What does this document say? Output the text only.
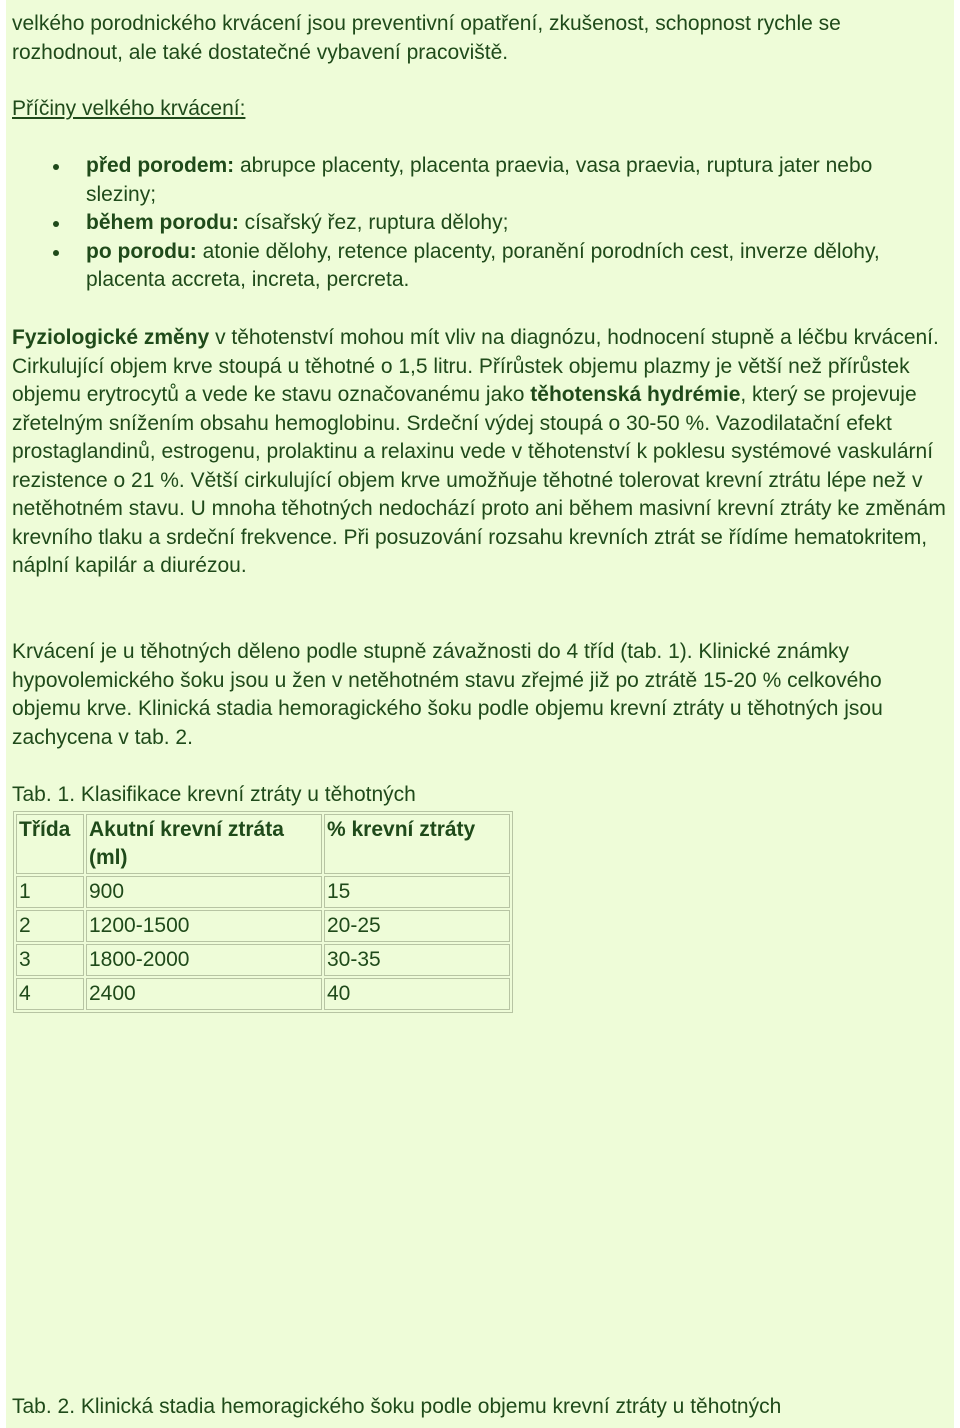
velkého porodnického krvácení jsou preventivní opatření, zkušenost, schopnost rychle se rozhodnout, ale také dostatečné vybavení pracoviště.

Příčiny velkého krvácení:

před porodem: abrupce placenty, placenta praevia, vasa praevia, ruptura jater nebo sleziny;
během porodu: císařský řez, ruptura dělohy;
po porodu: atonie dělohy, retence placenty, poranění porodních cest, inverze dělohy, placenta accreta, increta, percreta.

Fyziologické změny v těhotenství mohou mít vliv na diagnózu, hodnocení stupně a léčbu krvácení. Cirkulující objem krve stoupá u těhotné o 1,5 litru. Přírůstek objemu plazmy je větší než přírůstek objemu erytrocytů a vede ke stavu označovanému jako těhotenská hydrémie, který se projevuje zřetelným snížením obsahu hemoglobinu. Srdeční výdej stoupá o 30-50 %. Vazodilatační efekt prostaglandinů, estrogenu, prolaktinu a relaxinu vede v těhotenství k poklesu systémové vaskulární rezistence o 21 %. Větší cirkulující objem krve umožňuje těhotné tolerovat krevní ztrátu lépe než v netěhotném stavu. U mnoha těhotných nedochází proto ani během masivní krevní ztráty ke změnám krevního tlaku a srdeční frekvence. Při posuzování rozsahu krevních ztrát se řídíme hematokritem, náplní kapilár a diurézou.

Krvácení je u těhotných děleno podle stupně závažnosti do 4 tříd (tab. 1). Klinické známky hypovolemického šoku jsou u žen v netěhotném stavu zřejmé již po ztrátě 15-20 % celkového objemu krve. Klinická stadia hemoragického šoku podle objemu krevní ztráty u těhotných jsou zachycena v tab. 2.

Tab. 1. Klasifikace krevní ztráty u těhotných

Třída	Akutní krevní ztráta (ml)	% krevní ztráty
1	900	15
2	1200-1500	20-25
3	1800-2000	30-35
4	2400	40

Tab. 2. Klinická stadia hemoragického šoku podle objemu krevní ztráty u těhotných
